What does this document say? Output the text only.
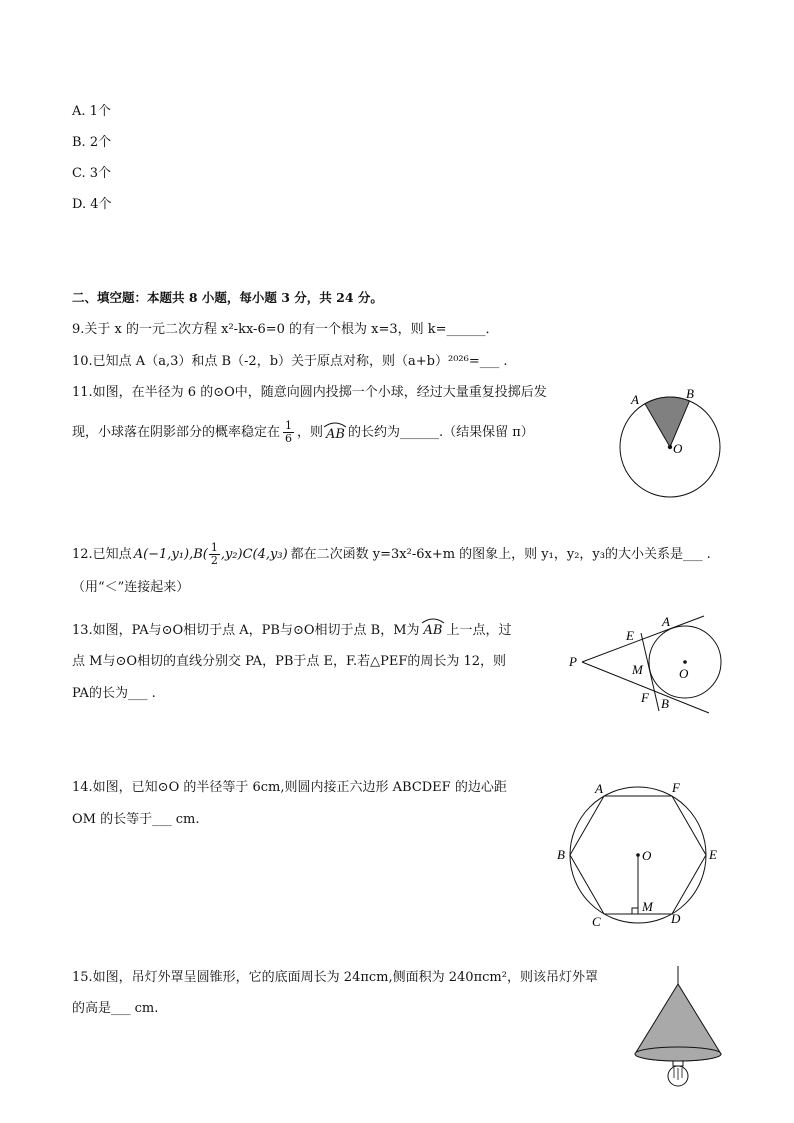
A. 1个
B. 2个
C. 3个
D. 4个
二、填空题：本题共 8 小题，每小题 3 分，共 24 分。
9.关于 x 的一元二次方程 x²-kx-6=0 的有一个根为 x=3，则 k=______．
10.已知点 A（a,3）和点 B（-2，b）关于原点对称，则（a+b）²⁰²⁶=___ .
11.如图，在半径为 6 的⊙O中，随意向圆内投掷一个小球，经过大量重复投掷后发
现，小球落在阴影部分的概率稳定在 $\frac{1}{6}$ ，则 AB 的长约为______.（结果保留 π）
A	B
O
12.已知点 $A(-1,y_1),B( \frac{1}{2} ,y_2)C(4,y_3)$ 都在二次函数 y=3x²-6x+m 的图象上，则 y₁，y₂，y₃的大小关系是___ .
（用“＜”连接起来）
13.如图，PA与⊙O相切于点 A，PB与⊙O相切于点 B，M为 AB 上一点，过
点 M与⊙O相切的直线分别交 PA，PB于点 E，F.若△PEF的周长为 12，则
PA的长为___ .
A
E
P
M	O
F B
14.如图，已知⊙O 的半径等于 6cm,则圆内接正六边形 ABCDEF 的边心距
OM 的长等于___ cm.
A	F
B	O	E
M
C	D
15.如图，吊灯外罩呈圆锥形，它的底面周长为 24πcm,侧面积为 240πcm²，则该吊灯外罩
的高是___ cm.
